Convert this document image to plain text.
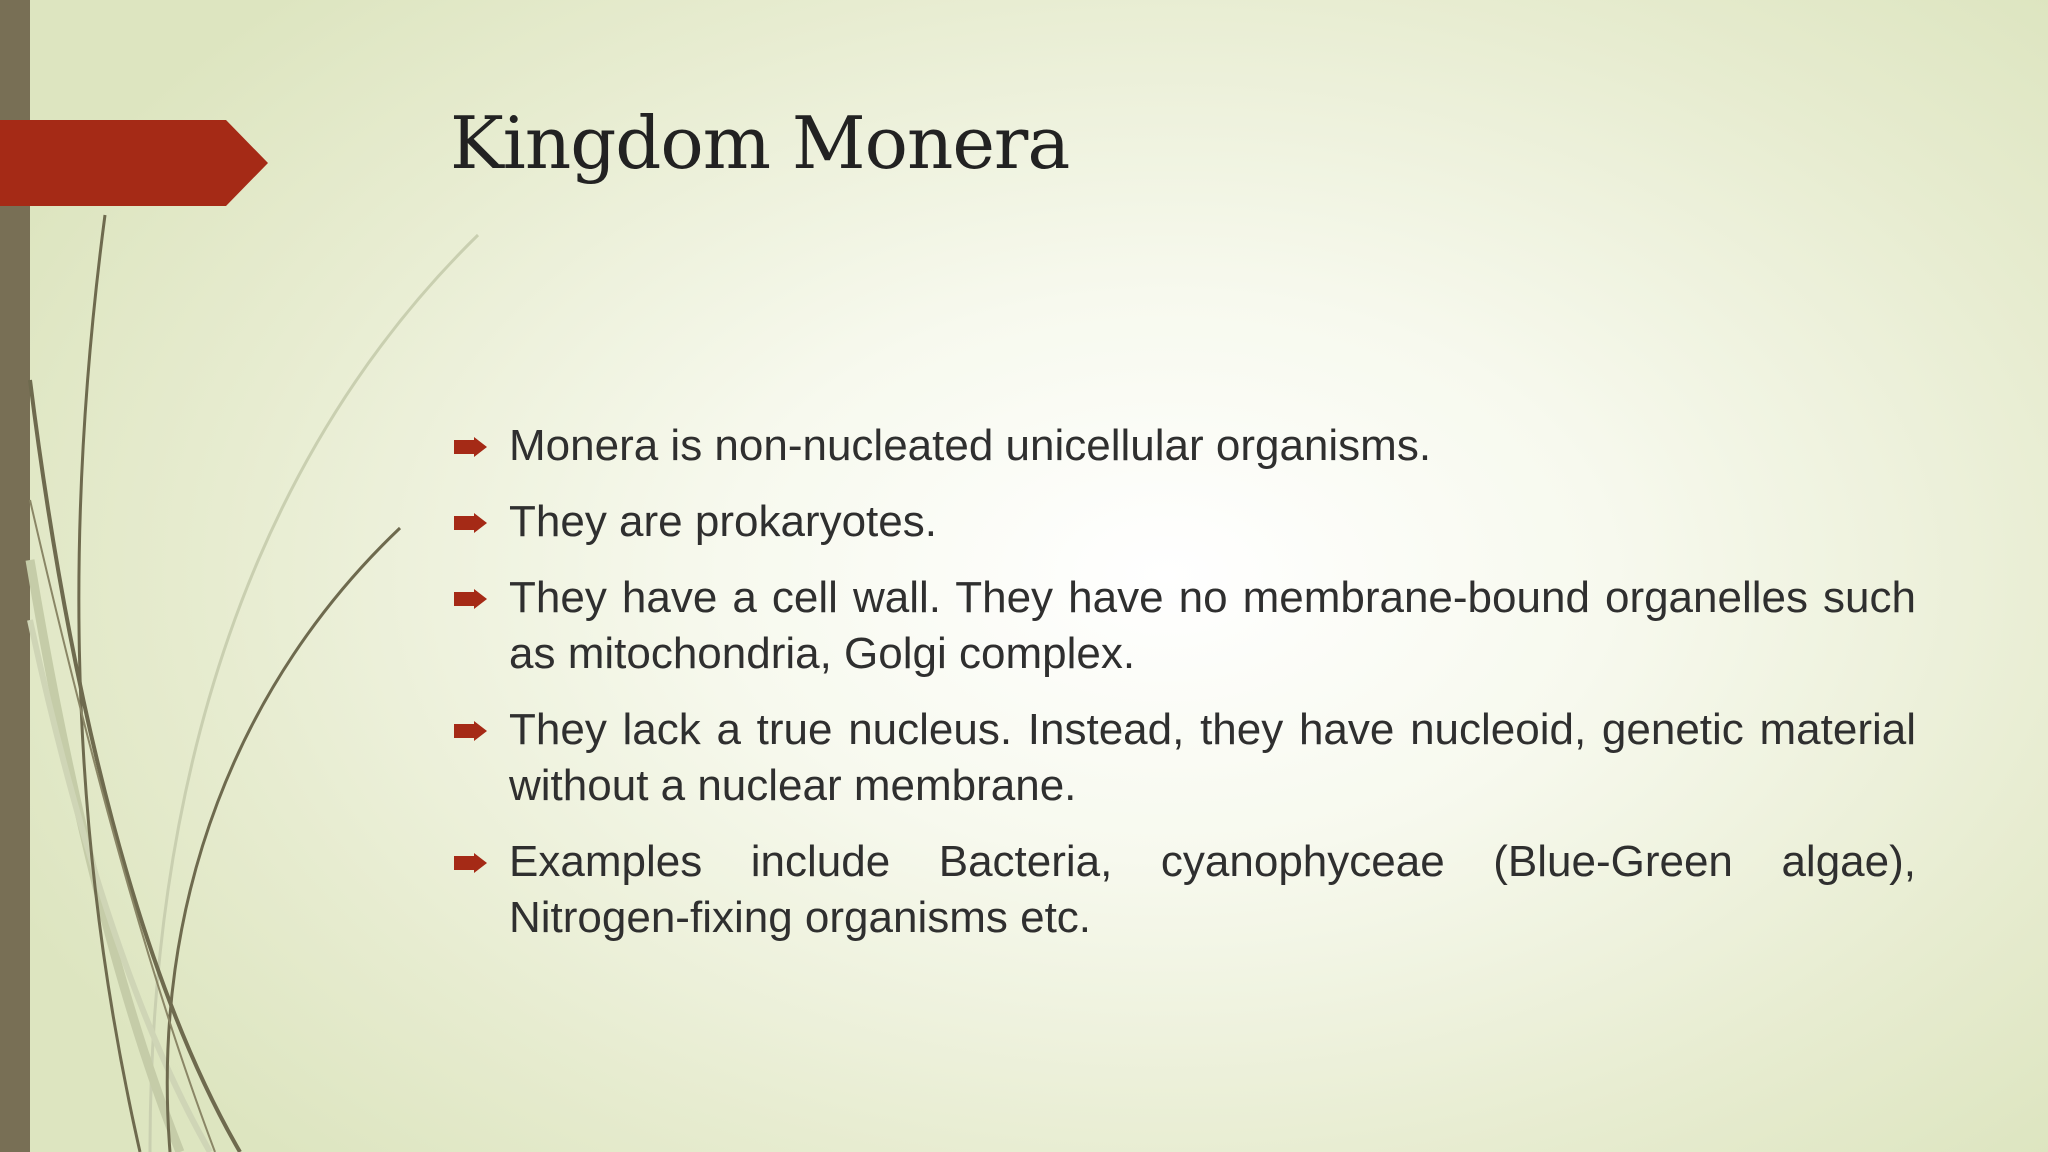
Kingdom Monera
Monera is non-nucleated unicellular organisms.
They are prokaryotes.
They have a cell wall. They have no membrane-bound organelles such as mitochondria, Golgi complex.
They lack a true nucleus. Instead, they have nucleoid, genetic material without a nuclear membrane.
Examples include Bacteria, cyanophyceae (Blue-Green algae), Nitrogen-fixing organisms etc.
